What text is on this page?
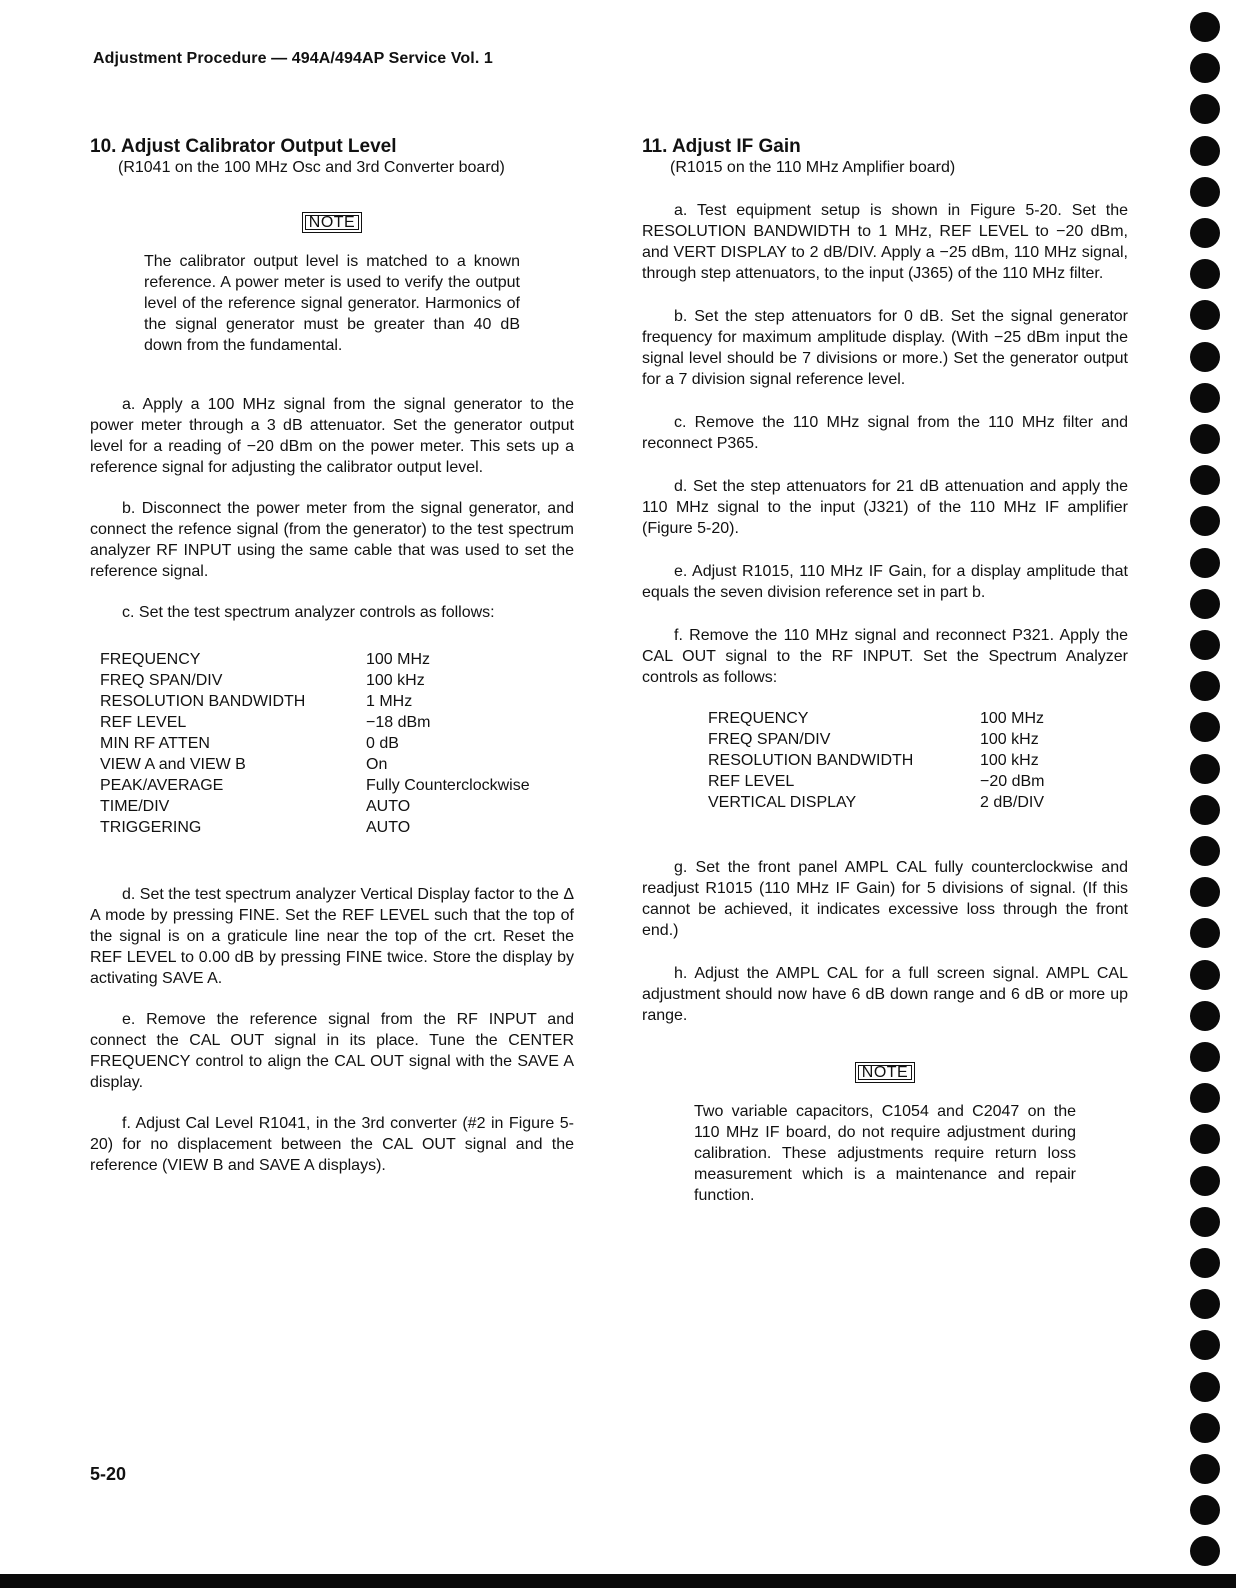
Adjustment Procedure — 494A/494AP Service Vol. 1
10. Adjust Calibrator Output Level
(R1041 on the 100 MHz Osc and 3rd Converter board)
NOTE
The calibrator output level is matched to a known reference. A power meter is used to verify the output level of the reference signal generator. Harmonics of the signal generator must be greater than 40 dB down from the fundamental.

a. Apply a 100 MHz signal from the signal generator to the power meter through a 3 dB attenuator. Set the generator output level for a reading of −20 dBm on the power meter. This sets up a reference signal for adjusting the calibrator output level.

b. Disconnect the power meter from the signal generator, and connect the refence signal (from the generator) to the test spectrum analyzer RF INPUT using the same cable that was used to set the reference signal.

c. Set the test spectrum analyzer controls as follows:

FREQUENCY	100 MHz
FREQ SPAN/DIV	100 kHz
RESOLUTION BANDWIDTH	1 MHz
REF LEVEL	−18 dBm
MIN RF ATTEN	0 dB
VIEW A and VIEW B	On
PEAK/AVERAGE	Fully Counterclockwise
TIME/DIV	AUTO
TRIGGERING	AUTO

d. Set the test spectrum analyzer Vertical Display factor to the Δ A mode by pressing FINE. Set the REF LEVEL such that the top of the signal is on a graticule line near the top of the crt. Reset the REF LEVEL to 0.00 dB by pressing FINE twice. Store the display by activating SAVE A.

e. Remove the reference signal from the RF INPUT and connect the CAL OUT signal in its place. Tune the CENTER FREQUENCY control to align the CAL OUT signal with the SAVE A display.

f. Adjust Cal Level R1041, in the 3rd converter (#2 in Figure 5-20) for no displacement between the CAL OUT signal and the reference (VIEW B and SAVE A displays).

11. Adjust IF Gain
(R1015 on the 110 MHz Amplifier board)

a. Test equipment setup is shown in Figure 5-20. Set the RESOLUTION BANDWIDTH to 1 MHz, REF LEVEL to −20 dBm, and VERT DISPLAY to 2 dB/DIV. Apply a −25 dBm, 110 MHz signal, through step attenuators, to the input (J365) of the 110 MHz filter.

b. Set the step attenuators for 0 dB. Set the signal generator frequency for maximum amplitude display. (With −25 dBm input the signal level should be 7 divisions or more.) Set the generator output for a 7 division signal reference level.

c. Remove the 110 MHz signal from the 110 MHz filter and reconnect P365.

d. Set the step attenuators for 21 dB attenuation and apply the 110 MHz signal to the input (J321) of the 110 MHz IF amplifier (Figure 5-20).

e. Adjust R1015, 110 MHz IF Gain, for a display amplitude that equals the seven division reference set in part b.

f. Remove the 110 MHz signal and reconnect P321. Apply the CAL OUT signal to the RF INPUT. Set the Spectrum Analyzer controls as follows:

FREQUENCY	100 MHz
FREQ SPAN/DIV	100 kHz
RESOLUTION BANDWIDTH	100 kHz
REF LEVEL	−20 dBm
VERTICAL DISPLAY	2 dB/DIV

g. Set the front panel AMPL CAL fully counterclockwise and readjust R1015 (110 MHz IF Gain) for 5 divisions of signal. (If this cannot be achieved, it indicates excessive loss through the front end.)

h. Adjust the AMPL CAL for a full screen signal. AMPL CAL adjustment should now have 6 dB down range and 6 dB or more up range.

NOTE
Two variable capacitors, C1054 and C2047 on the 110 MHz IF board, do not require adjustment during calibration. These adjustments require return loss measurement which is a maintenance and repair function.
5-20
